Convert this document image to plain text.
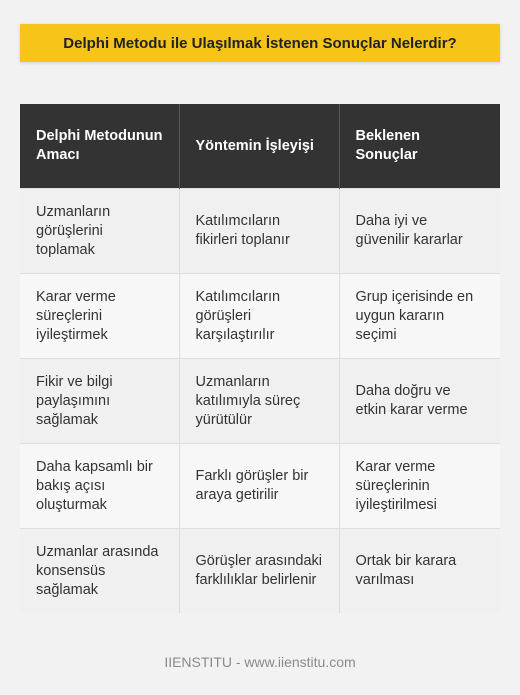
Delphi Metodu ile Ulaşılmak İstenen Sonuçlar Nelerdir?
Delphi Metodunun Amacı	Yöntemin İşleyişi	Beklenen Sonuçlar
Uzmanların görüşlerini toplamak	Katılımcıların fikirleri toplanır	Daha iyi ve güvenilir kararlar
Karar verme süreçlerini iyileştirmek	Katılımcıların görüşleri karşılaştırılır	Grup içerisinde en uygun kararın seçimi
Fikir ve bilgi paylaşımını sağlamak	Uzmanların katılımıyla süreç yürütülür	Daha doğru ve etkin karar verme
Daha kapsamlı bir bakış açısı oluşturmak	Farklı görüşler bir araya getirilir	Karar verme süreçlerinin iyileştirilmesi
Uzmanlar arasında konsensüs sağlamak	Görüşler arasındaki farklılıklar belirlenir	Ortak bir karara varılması
IIENSTITU - www.iienstitu.com
